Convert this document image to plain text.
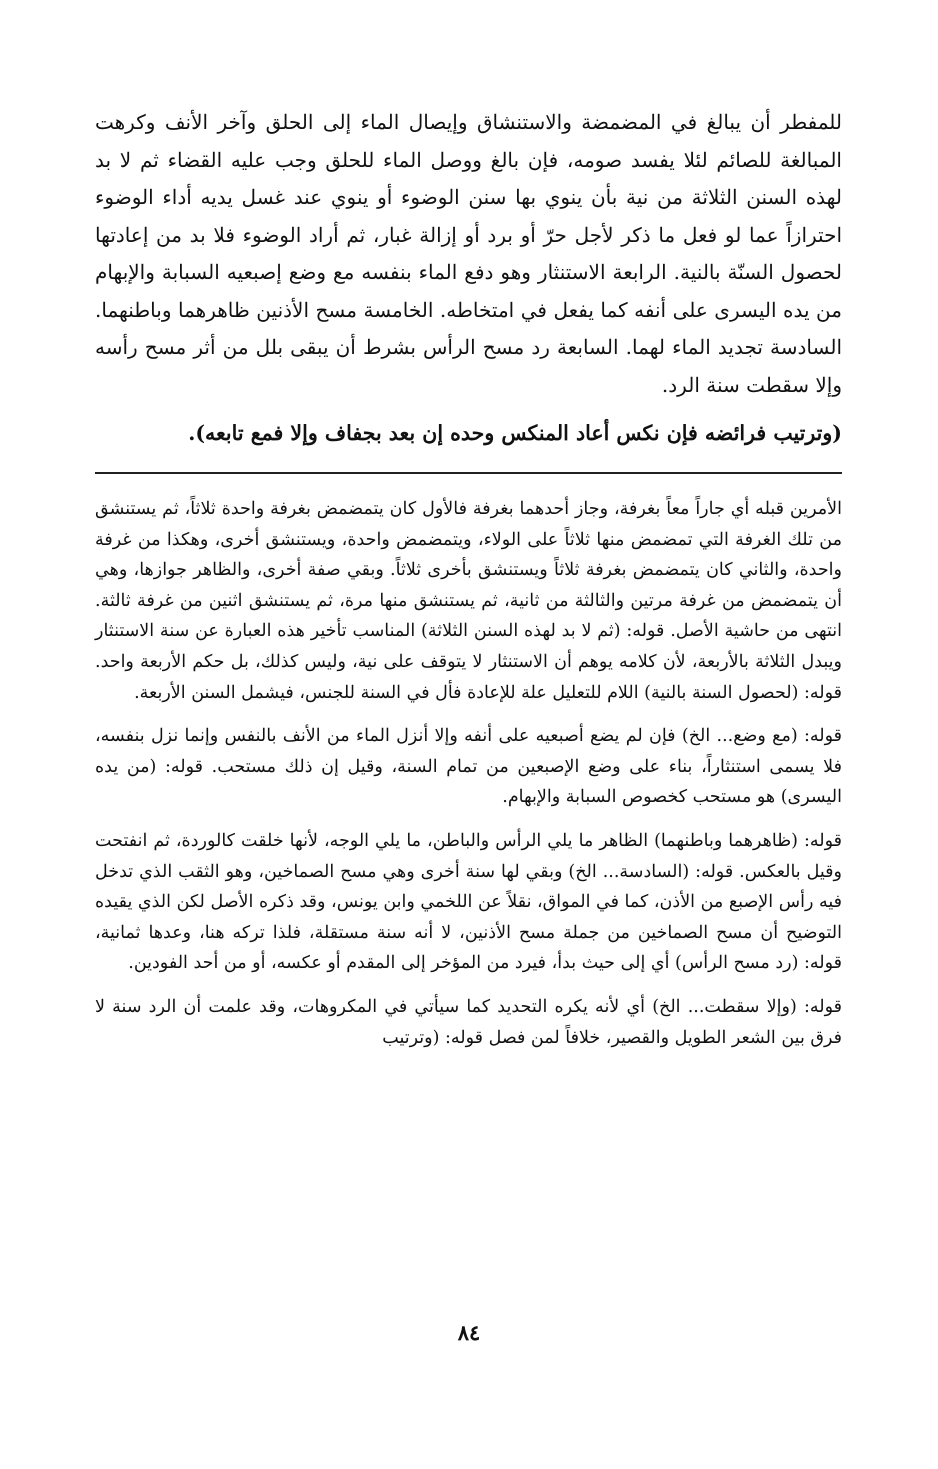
للمفطر أن يبالغ في المضمضة والاستنشاق وإيصال الماء إلى الحلق وآخر الأنف وكرهت المبالغة للصائم لئلا يفسد صومه، فإن بالغ ووصل الماء للحلق وجب عليه القضاء ثم لا بد لهذه السنن الثلاثة من نية بأن ينوي بها سنن الوضوء أو ينوي عند غسل يديه أداء الوضوء احترازاً عما لو فعل ما ذكر لأجل حرّ أو برد أو إزالة غبار، ثم أراد الوضوء فلا بد من إعادتها لحصول السنّة بالنية. الرابعة الاستنثار وهو دفع الماء بنفسه مع وضع إصبعيه السبابة والإبهام من يده اليسرى على أنفه كما يفعل في امتخاطه. الخامسة مسح الأذنين ظاهرهما وباطنهما. السادسة تجديد الماء لهما. السابعة رد مسح الرأس بشرط أن يبقى بلل من أثر مسح رأسه وإلا سقطت سنة الرد.

(وترتيب فرائضه فإن نكس أعاد المنكس وحده إن بعد بجفاف وإلا فمع تابعه).

الأمرين قبله أي جاراً معاً بغرفة، وجاز أحدهما بغرفة فالأول كان يتمضمض بغرفة واحدة ثلاثاً، ثم يستنشق من تلك الغرفة التي تمضمض منها ثلاثاً على الولاء، ويتمضمض واحدة، ويستنشق أخرى، وهكذا من غرفة واحدة، والثاني كان يتمضمض بغرفة ثلاثاً ويستنشق بأخرى ثلاثاً. وبقي صفة أخرى، والظاهر جوازها، وهي أن يتمضمض من غرفة مرتين والثالثة من ثانية، ثم يستنشق منها مرة، ثم يستنشق اثنين من غرفة ثالثة. انتهى من حاشية الأصل. قوله: (ثم لا بد لهذه السنن الثلاثة) المناسب تأخير هذه العبارة عن سنة الاستنثار ويبدل الثلاثة بالأربعة، لأن كلامه يوهم أن الاستنثار لا يتوقف على نية، وليس كذلك، بل حكم الأربعة واحد. قوله: (لحصول السنة بالنية) اللام للتعليل علة للإعادة فأل في السنة للجنس، فيشمل السنن الأربعة.

قوله: (مع وضع... الخ) فإن لم يضع أصبعيه على أنفه وإلا أنزل الماء من الأنف بالنفس وإنما نزل بنفسه، فلا يسمى استنثاراً، بناء على وضع الإصبعين من تمام السنة، وقيل إن ذلك مستحب. قوله: (من يده اليسرى) هو مستحب كخصوص السبابة والإبهام.

قوله: (ظاهرهما وباطنهما) الظاهر ما يلي الرأس والباطن، ما يلي الوجه، لأنها خلقت كالوردة، ثم انفتحت وقيل بالعكس. قوله: (السادسة... الخ) وبقي لها سنة أخرى وهي مسح الصماخين، وهو الثقب الذي تدخل فيه رأس الإصبع من الأذن، كما في المواق، نقلاً عن اللخمي وابن يونس، وقد ذكره الأصل لكن الذي يقيده التوضيح أن مسح الصماخين من جملة مسح الأذنين، لا أنه سنة مستقلة، فلذا تركه هنا، وعدها ثمانية، قوله: (رد مسح الرأس) أي إلى حيث بدأ، فيرد من المؤخر إلى المقدم أو عكسه، أو من أحد الفودين.

قوله: (وإلا سقطت... الخ) أي لأنه يكره التحديد كما سيأتي في المكروهات، وقد علمت أن الرد سنة لا فرق بين الشعر الطويل والقصير، خلافاً لمن فصل قوله: (وترتيب

٨٤
